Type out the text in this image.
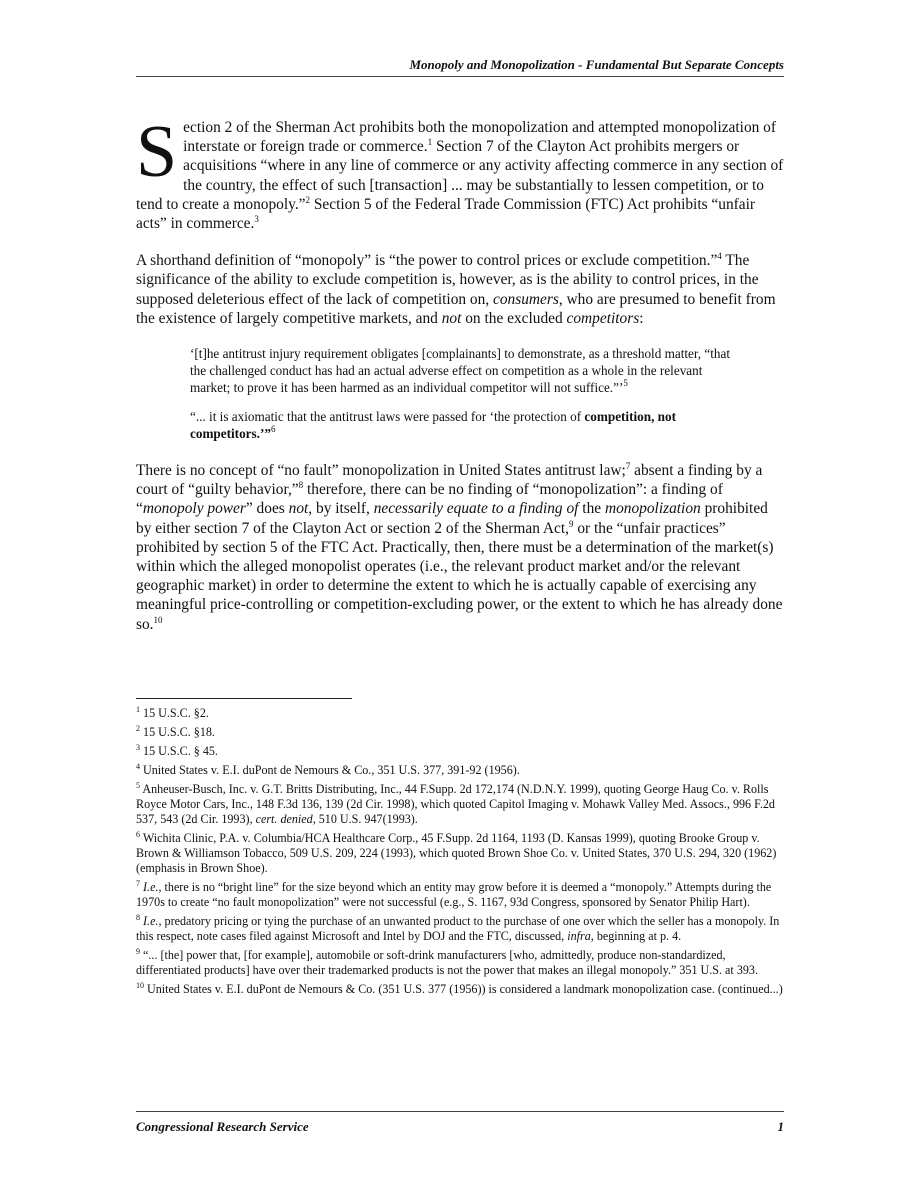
Monopoly and Monopolization - Fundamental But Separate Concepts

Section 2 of the Sherman Act prohibits both the monopolization and attempted monopolization of interstate or foreign trade or commerce.$^1$ Section 7 of the Clayton Act prohibits mergers or acquisitions “where in any line of commerce or any activity affecting commerce in any section of the country, the effect of such [transaction] ... may be substantially to lessen competition, or to tend to create a monopoly.”$^2$ Section 5 of the Federal Trade Commission (FTC) Act prohibits “unfair acts” in commerce.$^3$

A shorthand definition of “monopoly” is “the power to control prices or exclude competition.”$^4$ The significance of the ability to exclude competition is, however, as is the ability to control prices, in the supposed deleterious effect of the lack of competition on, consumers, who are presumed to benefit from the existence of largely competitive markets, and not on the excluded competitors:

‘[t]he antitrust injury requirement obligates [complainants] to demonstrate, as a threshold matter, “that the challenged conduct has had an actual adverse effect on competition as a whole in the relevant market; to prove it has been harmed as an individual competitor will not suffice.”’$^5$
“... it is axiomatic that the antitrust laws were passed for ‘the protection of competition, not competitors.’”$^6$

There is no concept of “no fault” monopolization in United States antitrust law;$^7$ absent a finding by a court of “guilty behavior,”$^8$ therefore, there can be no finding of “monopolization”: a finding of “monopoly power” does not, by itself, necessarily equate to a finding of the monopolization prohibited by either section 7 of the Clayton Act or section 2 of the Sherman Act,$^9$ or the “unfair practices” prohibited by section 5 of the FTC Act. Practically, then, there must be a determination of the market(s) within which the alleged monopolist operates (i.e., the relevant product market and/or the relevant geographic market) in order to determine the extent to which he is actually capable of exercising any meaningful price-controlling or competition-excluding power, or the extent to which he has already done so.$^{10}$

$^1$ 15 U.S.C. §2.
$^2$ 15 U.S.C. §18.
$^3$ 15 U.S.C. § 45.
$^4$ United States v. E.I. duPont de Nemours & Co., 351 U.S. 377, 391-92 (1956).
$^5$ Anheuser-Busch, Inc. v. G.T. Britts Distributing, Inc., 44 F.Supp. 2d 172,174 (N.D.N.Y. 1999), quoting George Haug Co. v. Rolls Royce Motor Cars, Inc., 148 F.3d 136, 139 (2d Cir. 1998), which quoted Capitol Imaging v. Mohawk Valley Med. Assocs., 996 F.2d 537, 543 (2d Cir. 1993), cert. denied, 510 U.S. 947(1993).
$^6$ Wichita Clinic, P.A. v. Columbia/HCA Healthcare Corp., 45 F.Supp. 2d 1164, 1193 (D. Kansas 1999), quoting Brooke Group v. Brown & Williamson Tobacco, 509 U.S. 209, 224 (1993), which quoted Brown Shoe Co. v. United States, 370 U.S. 294, 320 (1962) (emphasis in Brown Shoe).
$^7$ I.e., there is no “bright line” for the size beyond which an entity may grow before it is deemed a “monopoly.” Attempts during the 1970s to create “no fault monopolization” were not successful (e.g., S. 1167, 93d Congress, sponsored by Senator Philip Hart).
$^8$ I.e., predatory pricing or tying the purchase of an unwanted product to the purchase of one over which the seller has a monopoly. In this respect, note cases filed against Microsoft and Intel by DOJ and the FTC, discussed, infra, beginning at p. 4.
$^9$ “... [the] power that, [for example], automobile or soft-drink manufacturers [who, admittedly, produce non-standardized, differentiated products] have over their trademarked products is not the power that makes an illegal monopoly.” 351 U.S. at 393.
$^{10}$ United States v. E.I. duPont de Nemours & Co. (351 U.S. 377 (1956)) is considered a landmark monopolization case. (continued...)
Congressional Research Service	1
